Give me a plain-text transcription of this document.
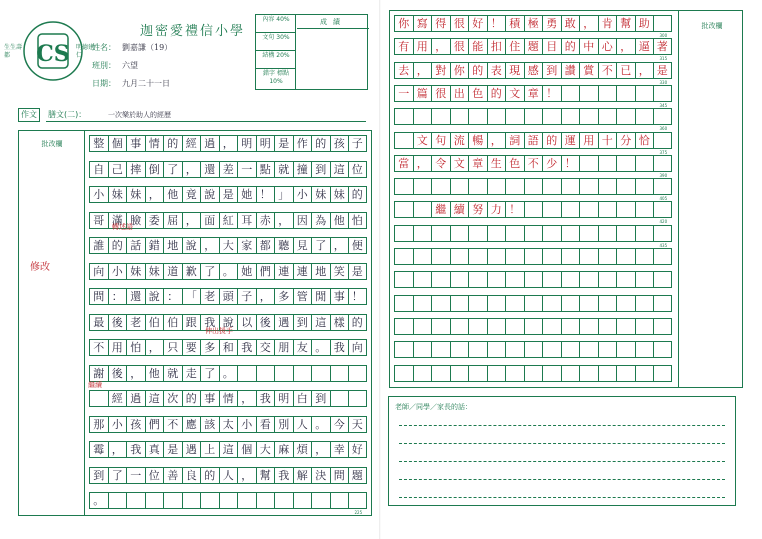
CS
生生壽都
明德建仁
迦密愛禮信小學
姓名： 劉嘉謙（19）
班別： 六望
日期： 九月二十一日
內容 40%
文句 30%
結構 20%
錯字 標點 10%
成績
作文	膳文(二)：	一次樂於助人的經歷
批改欄	整 個 事 情 的 經 過 ， 明 明 是 作 的 孩 子
自 己 摔 倒 了 ， 還 差 一 點 就 撞 到 這 位
小 妹 妹 ， 他 竟 說 是 她 ！ 」 小 妹 妹 的
哥 滿 臉 委 屈 ， 面 紅 耳 赤 ， 因 為 他 怕
誰 的 話 錯 地 說 ， 大 家 都 聽 見 了 ， 便
向 小 妹 妹 道 歉 了 。 她 們 連 連 地 笑 是
問 ： 還 說 ： 「 老 頭 子 ， 多 管 閒 事 ！
最 後 老 伯 伯 跟 我 說 以 後 遇 到 這 樣 的
不 用 怕 ， 只 要 多 和 我 交 朋 友 。 我 向
謝 後 ， 他 就 走 了 。

經 過 這 次 的 事 情 ， 我 明 白 到
那 小 孩 們 不 應 該 太 小 看 別 人 。 今 天
霉 ， 我 真 是 遇 上 這 個 大 麻 煩 ， 幸 好
到 了 一 位 善 良 的 人 ， 幫 我 解 決 問 題
。
225
修改
轉述語
伸出援手
繼續
批改欄
你 寫 得 很 好 ！ 積 極 勇 敢 ， 肯 幫 助
300
有 用 ， 很 能 扣 住 題 目 的 中 心 ， 逼 著
315
去 ， 對 你 的 表 現 感 到 讚 賞 不 已 ， 是
330
一 篇 很 出 色 的 文 章 ！
345
360

文 句 流 暢 ， 詞 語 的 運 用 十 分 恰
375
當 ， 令 文 章 生 色 不 少 ！
390
405

繼 續 努 力 ！
420
435
老師／同學／家長的話：
